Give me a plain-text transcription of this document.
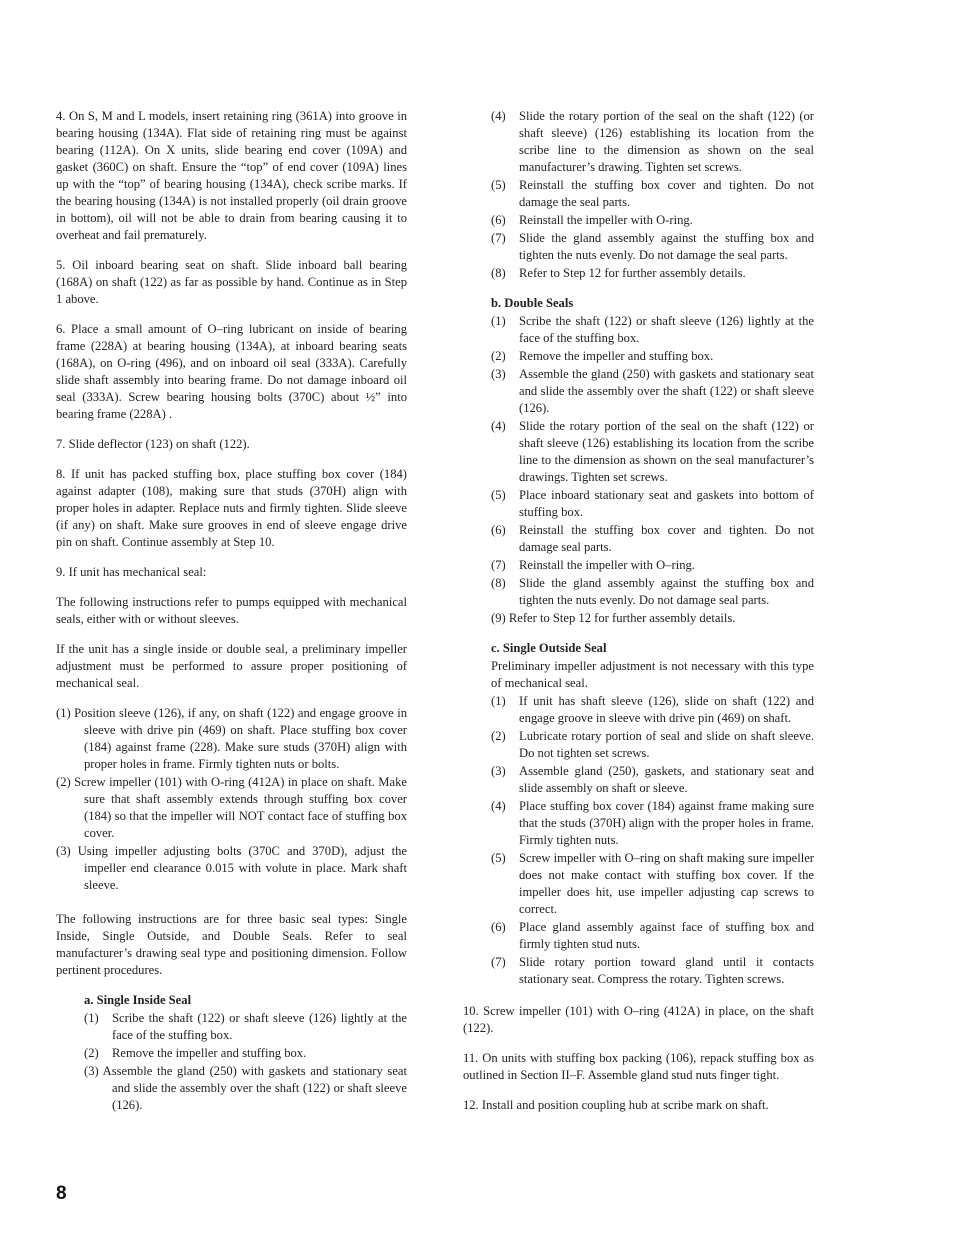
4. On S, M and L models, insert retaining ring (361A) into groove in bearing housing (134A). Flat side of retaining ring must be against bearing (112A). On X units, slide bearing end cover (109A) and gasket (360C) on shaft. Ensure the “top” of end cover (109A) lines up with the “top” of bearing housing (134A), check scribe marks. If the bearing housing (134A) is not installed properly (oil drain groove in bottom), oil will not be able to drain from bearing causing it to overheat and fail prematurely.

5. Oil inboard bearing seat on shaft. Slide inboard ball bearing (168A) on shaft (122) as far as possible by hand. Continue as in Step 1 above.

6. Place a small amount of O–ring lubricant on inside of bearing frame (228A) at bearing housing (134A), at inboard bearing seats (168A), on O-ring (496), and on inboard oil seal (333A). Carefully slide shaft assembly into bearing frame. Do not damage inboard oil seal (333A). Screw bearing housing bolts (370C) about ½” into bearing frame (228A) .

7. Slide deflector (123) on shaft (122).

8. If unit has packed stuffing box, place stuffing box cover (184) against adapter (108), making sure that studs (370H) align with proper holes in adapter. Replace nuts and firmly tighten. Slide sleeve (if any) on shaft. Make sure grooves in end of sleeve engage drive pin on shaft. Continue assembly at Step 10.

9. If unit has mechanical seal:

The following instructions refer to pumps equipped with mechanical seals, either with or without sleeves.

If the unit has a single inside or double seal, a preliminary impeller adjustment must be performed to assure proper positioning of mechanical seal.

(1) Position sleeve (126), if any, on shaft (122) and engage groove in sleeve with drive pin (469) on shaft. Place stuffing box cover (184) against frame (228). Make sure studs (370H) align with proper holes in frame. Firmly tighten nuts or bolts.
(2) Screw impeller (101) with O-ring (412A) in place on shaft. Make sure that shaft assembly extends through stuffing box cover (184) so that the impeller will NOT contact face of stuffing box cover.
(3) Using impeller adjusting bolts (370C and 370D), adjust the impeller end clearance 0.015 with volute in place. Mark shaft sleeve.

The following instructions are for three basic seal types: Single Inside, Single Outside, and Double Seals. Refer to seal manufacturer’s drawing seal type and positioning dimension. Follow pertinent procedures.

a. Single Inside Seal
(1)	Scribe the shaft (122) or shaft sleeve (126) lightly at the face of the stuffing box.
(2)	Remove the impeller and stuffing box.
(3) Assemble the gland (250) with gaskets and stationary seat and slide the assembly over the shaft (122) or shaft sleeve (126).
(4)	Slide the rotary portion of the seal on the shaft (122) (or shaft sleeve) (126) establishing its location from the scribe line to the dimension as shown on the seal manufacturer’s drawing. Tighten set screws.
(5)	Reinstall the stuffing box cover and tighten. Do not damage the seal parts.
(6)	Reinstall the impeller with O-ring.
(7)	Slide the gland assembly against the stuffing box and tighten the nuts evenly. Do not damage the seal parts.
(8)	Refer to Step 12 for further assembly details.
b. Double Seals
(1)	Scribe the shaft (122) or shaft sleeve (126) lightly at the face of the stuffing box.
(2)	Remove the impeller and stuffing box.
(3)	Assemble the gland (250) with gaskets and stationary seat and slide the assembly over the shaft (122) or shaft sleeve (126).
(4)	Slide the rotary portion of the seal on the shaft (122) or shaft sleeve (126) establishing its location from the scribe line to the dimension as shown on the seal manufacturer’s drawings. Tighten set screws.
(5)	Place inboard stationary seat and gaskets into bottom of stuffing box.
(6)	Reinstall the stuffing box cover and tighten. Do not damage seal parts.
(7)	Reinstall the impeller with O–ring.
(8)	Slide the gland assembly against the stuffing box and tighten the nuts evenly. Do not damage seal parts.
(9) Refer to Step 12 for further assembly details.
c. Single Outside Seal
Preliminary impeller adjustment is not necessary with this type of mechanical seal.
(1)	If unit has shaft sleeve (126), slide on shaft (122) and engage groove in sleeve with drive pin (469) on shaft.
(2)	Lubricate rotary portion of seal and slide on shaft sleeve. Do not tighten set screws.
(3)	Assemble gland (250), gaskets, and stationary seat and slide assembly on shaft or sleeve.
(4)	Place stuffing box cover (184) against frame making sure that the studs (370H) align with the proper holes in frame. Firmly tighten nuts.
(5)	Screw impeller with O–ring on shaft making sure impeller does not make contact with stuffing box cover. If the impeller does hit, use impeller adjusting cap screws to correct.
(6)	Place gland assembly against face of stuffing box and firmly tighten stud nuts.
(7)	Slide rotary portion toward gland until it contacts stationary seat. Compress the rotary. Tighten screws.

10. Screw impeller (101) with O–ring (412A) in place, on the shaft (122).

11. On units with stuffing box packing (106), repack stuffing box as outlined in Section II–F. Assemble gland stud nuts finger tight.

12. Install and position coupling hub at scribe mark on shaft.

8
